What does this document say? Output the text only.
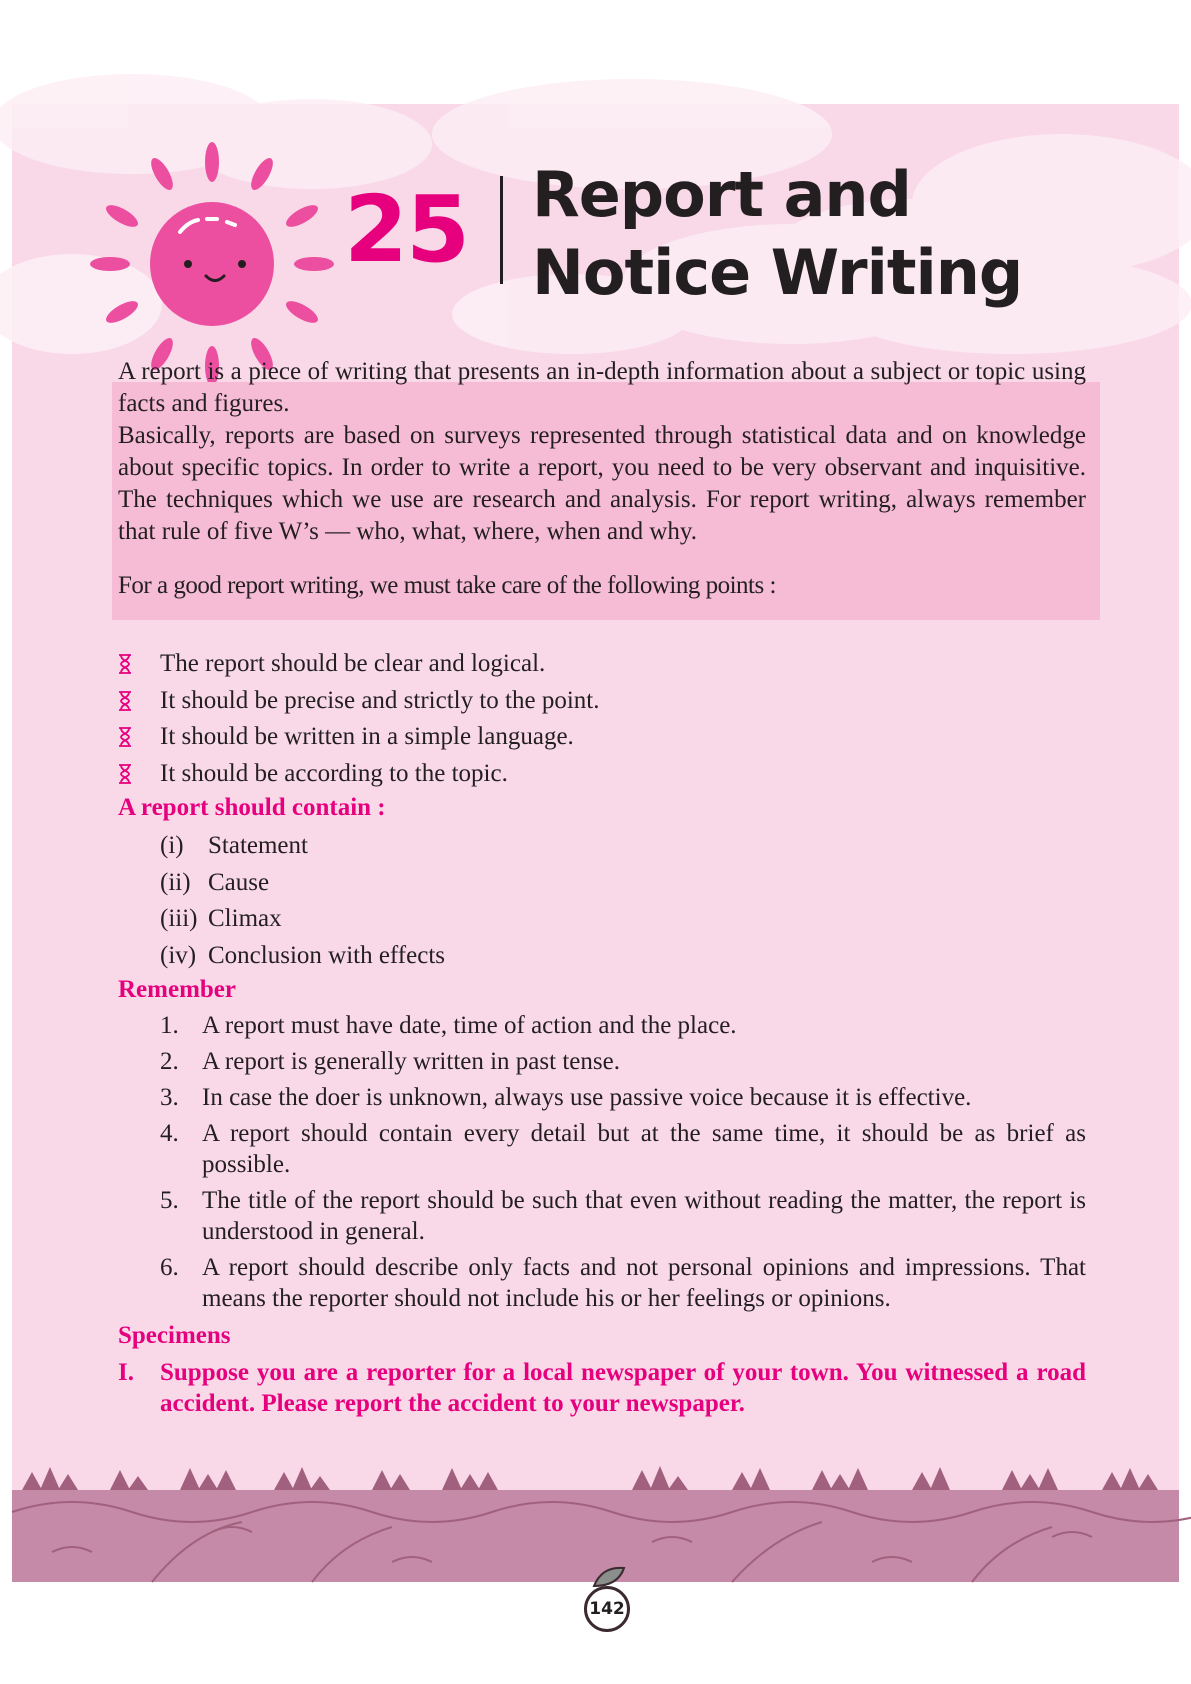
25 Report and
Notice Writing

A report is a piece of writing that presents an in-depth information about a subject or topic using facts and figures.

Basically, reports are based on surveys represented through statistical data and on knowledge about specific topics. In order to write a report, you need to be very observant and inquisitive. The techniques which we use are research and analysis. For report writing, always remember that rule of five W’s — who, what, where, when and why.

For a good report writing, we must take care of the following points :

The report should be clear and logical.
It should be precise and strictly to the point.
It should be written in a simple language.
It should be according to the topic.
A report should contain :
(i) Statement
(ii) Cause
(iii) Climax
(iv) Conclusion with effects
Remember
1. A report must have date, time of action and the place.
2. A report is generally written in past tense.
3. In case the doer is unknown, always use passive voice because it is effective.
4. A report should contain every detail but at the same time, it should be as brief as possible.
5. The title of the report should be such that even without reading the matter, the report is understood in general.
6. A report should describe only facts and not personal opinions and impressions. That means the reporter should not include his or her feelings or opinions.
Specimens
I. Suppose you are a reporter for a local newspaper of your town. You witnessed a road accident. Please report the accident to your newspaper.
142
